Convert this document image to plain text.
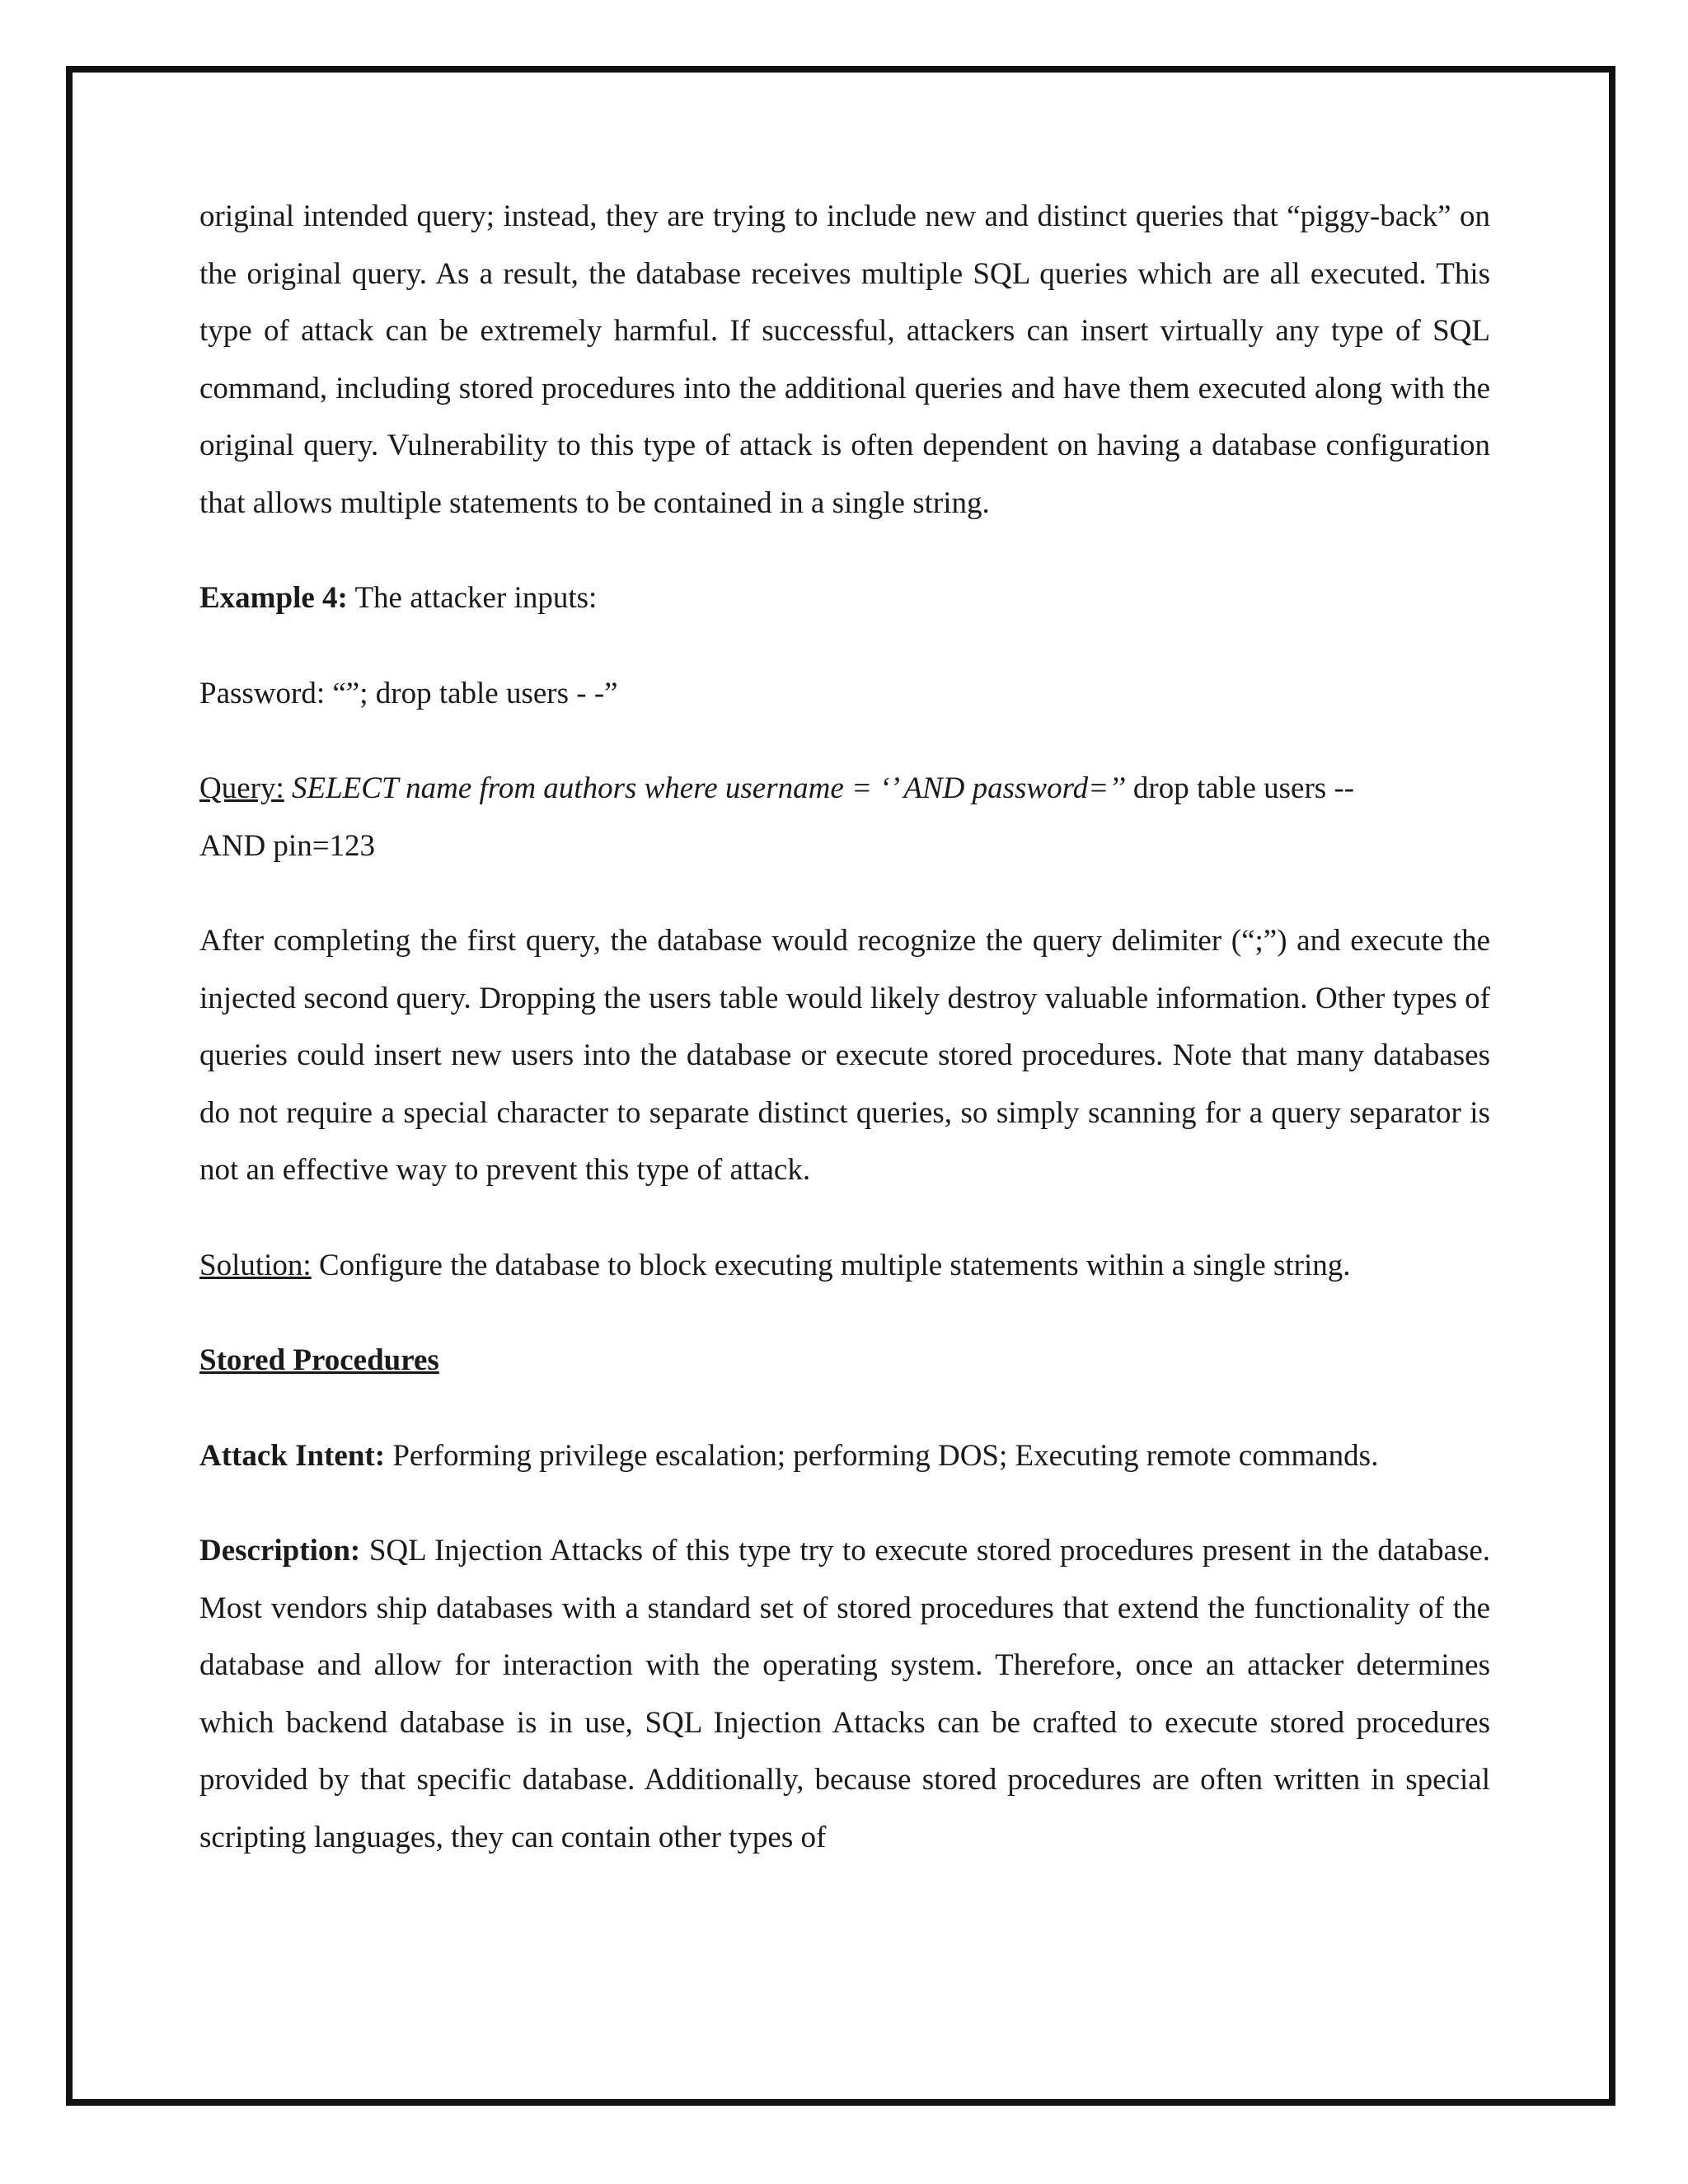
original intended query; instead, they are trying to include new and distinct queries that “piggy-back” on the original query. As a result, the database receives multiple SQL queries which are all executed. This type of attack can be extremely harmful. If successful, attackers can insert virtually any type of SQL command, including stored procedures into the additional queries and have them executed along with the original query. Vulnerability to this type of attack is often dependent on having a database configuration that allows multiple statements to be contained in a single string.

Example 4: The attacker inputs:

Password: “”; drop table users - -”

Query: SELECT name from authors where username = ‘’ AND password=’’ drop table users --

AND pin=123

After completing the first query, the database would recognize the query delimiter (“;”) and execute the injected second query. Dropping the users table would likely destroy valuable information. Other types of queries could insert new users into the database or execute stored procedures. Note that many databases do not require a special character to separate distinct queries, so simply scanning for a query separator is not an effective way to prevent this type of attack.

Solution: Configure the database to block executing multiple statements within a single string.

Stored Procedures

Attack Intent: Performing privilege escalation; performing DOS; Executing remote commands.

Description: SQL Injection Attacks of this type try to execute stored procedures present in the database. Most vendors ship databases with a standard set of stored procedures that extend the functionality of the database and allow for interaction with the operating system. Therefore, once an attacker determines which backend database is in use, SQL Injection Attacks can be crafted to execute stored procedures provided by that specific database. Additionally, because stored procedures are often written in special scripting languages, they can contain other types of
